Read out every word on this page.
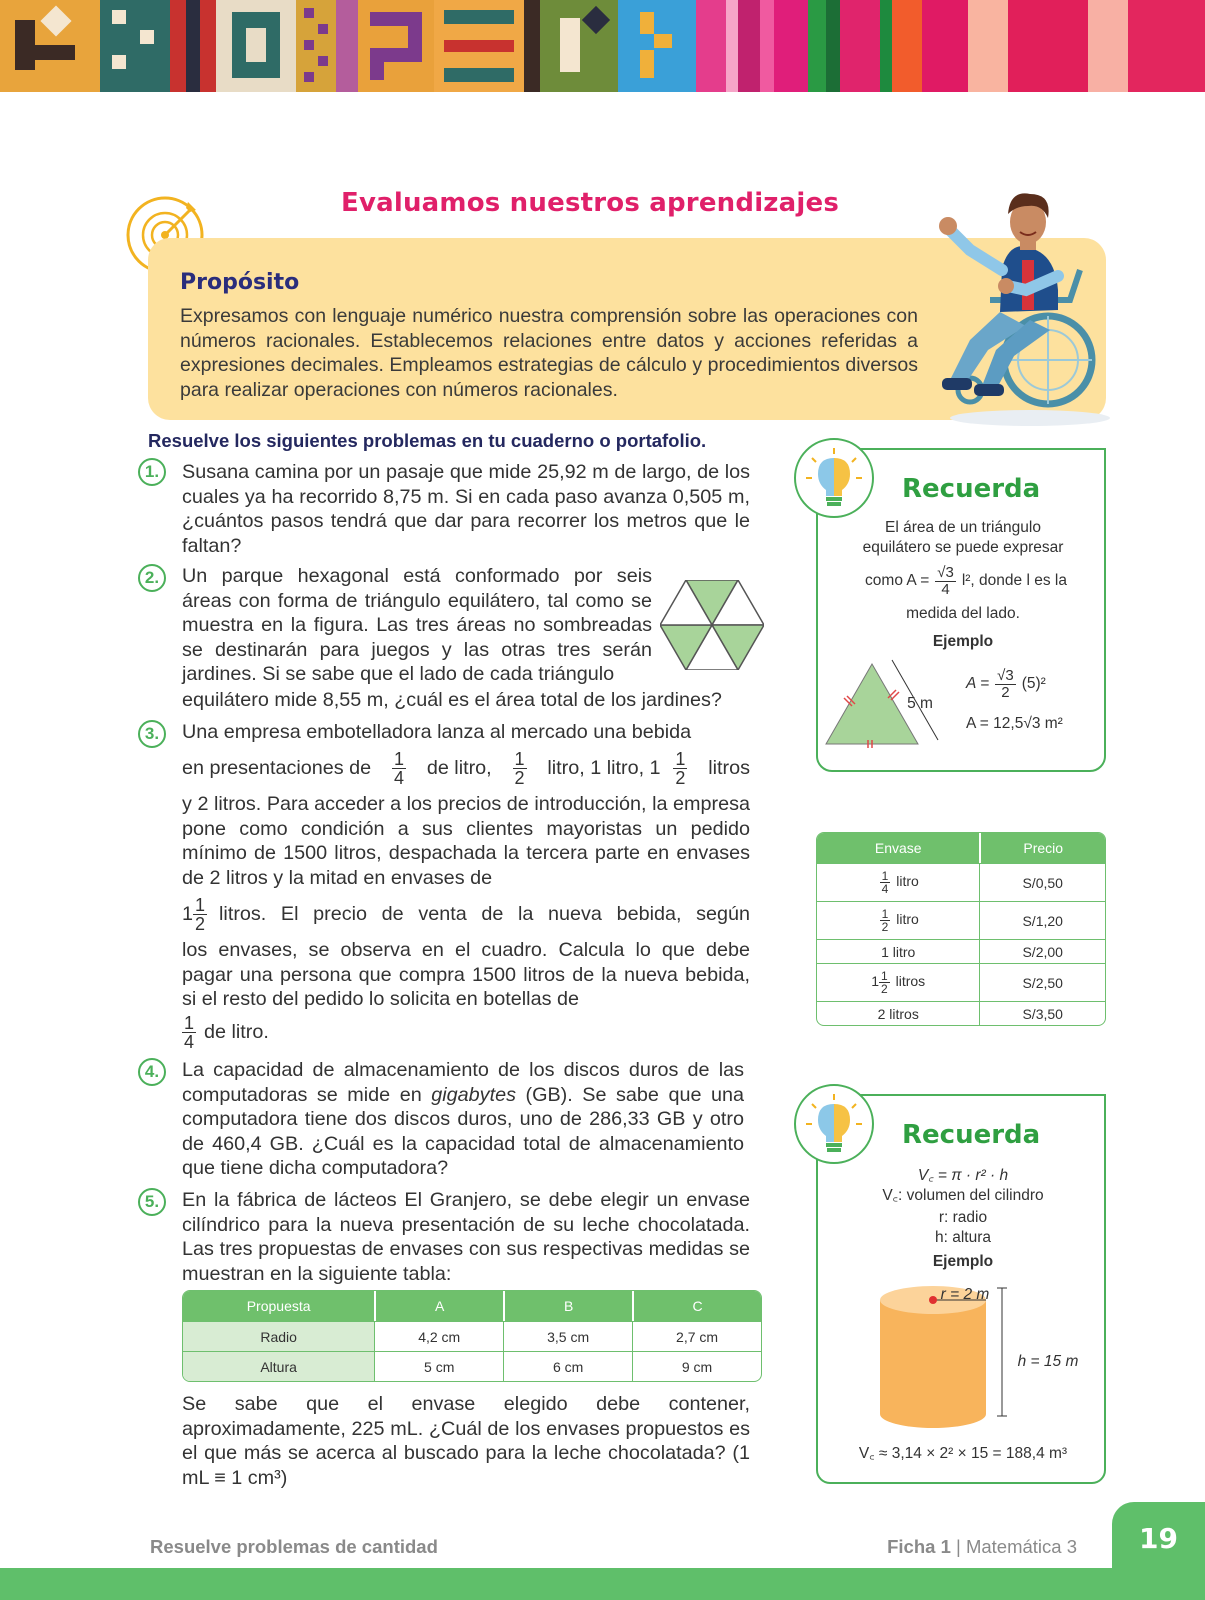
Evaluamos nuestros aprendizajes
Propósito
Expresamos con lenguaje numérico nuestra comprensión sobre las operaciones con números racionales. Establecemos relaciones entre datos y acciones referidas a expresiones decimales. Empleamos estrategias de cálculo y procedimientos diversos para realizar operaciones con números racionales.
Resuelve los siguientes problemas en tu cuaderno o portafolio.
1.	Susana camina por un pasaje que mide 25,92 m de largo, de los cuales ya ha recorrido 8,75 m. Si en cada paso avanza 0,505 m, ¿cuántos pasos tendrá que dar para recorrer los metros que le faltan?
2.	Un parque hexagonal está conformado por seis áreas con forma de triángulo equilátero, tal como se muestra en la figura. Las tres áreas no sombreadas se destinarán para juegos y las otras tres serán jardines. Si se sabe que el lado de cada triángulo
equilátero mide 8,55 m, ¿cuál es el área total de los jardines?
3.	Una empresa embotelladora lanza al mercado una bebida
en presentaciones de $\frac{1}{4}$ de litro, $\frac{1}{2}$ litro, 1 litro, $1 \frac{1}{2}$ litros
y 2 litros. Para acceder a los precios de introducción, la empresa pone como condición a sus clientes mayoristas un pedido mínimo de 1500 litros, despachada la tercera parte en envases de 2 litros y la mitad en envases de
$1 \frac{1}{2}$ litros. El precio de venta de la nueva bebida, según
los envases, se observa en el cuadro. Calcula lo que debe pagar una persona que compra 1500 litros de la nueva bebida, si el resto del pedido lo solicita en botellas de
$\frac{1}{4}$ de litro.
4.	La capacidad de almacenamiento de los discos duros de las computadoras se mide en gigabytes (GB). Se sabe que una computadora tiene dos discos duros, uno de 286,33 GB y otro de 460,4 GB. ¿Cuál es la capacidad total de almacenamiento que tiene dicha computadora?
5.	En la fábrica de lácteos El Granjero, se debe elegir un envase cilíndrico para la nueva presentación de su leche chocolatada. Las tres propuestas de envases con sus respectivas medidas se muestran en la siguiente tabla:
Propuesta	A	B	C
Radio	4,2 cm	3,5 cm	2,7 cm
Altura	5 cm	6 cm	9 cm
Se sabe que el envase elegido debe contener, aproximadamente, 225 mL. ¿Cuál de los envases propuestos es el que más se acerca al buscado para la leche chocolatada? (1 mL ≡ 1 cm³)
Recuerda
El área de un triángulo
equilátero se puede expresar
como $A = \frac{√3}{4} l^2$, donde l es la
medida del lado.
Ejemplo
5 m
$A = \frac{√3}{2} (5)^2$
A = 12,5√3 m²
Envase	Precio

$\frac{1}{4}$ litro	S/0,50

$\frac{1}{2}$ litro	S/1,20
1 litro	S/2,00
$1 \frac{1}{2}$ litros	S/2,50
2 litros	S/3,50
Recuerda
V꜀ = π · r² · h
V꜀: volumen del cilindro
r: radio
h: altura
Ejemplo
r = 2 m
h = 15 m
V꜀ ≈ 3,14 × 2² × 15 = 188,4 m³
Resuelve problemas de cantidad	Ficha 1 | Matemática 3	19
